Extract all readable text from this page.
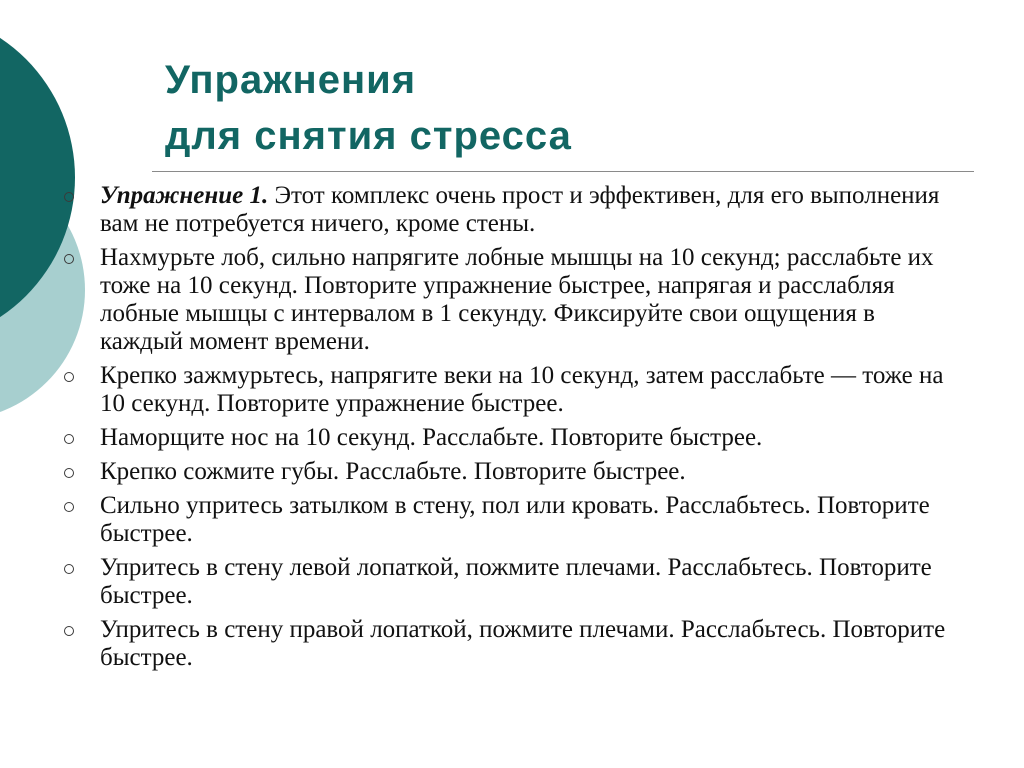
Упражнения
для снятия стресса
Упражнение 1. Этот комплекс очень прост и эффективен, для его выполнения вам не потребуется ничего, кроме стены.
Нахмурьте лоб, сильно напрягите лобные мышцы на 10 секунд; расслабьте их тоже на 10 секунд. Повторите упражнение быстрее, напрягая и расслабляя лобные мышцы с интервалом в 1 секунду. Фиксируйте свои ощущения в каждый момент времени.
Крепко зажмурьтесь, напрягите веки на 10 секунд, затем расслабьте — тоже на 10 секунд. Повторите упражнение быстрее.
Наморщите нос на 10 секунд. Расслабьте. Повторите быстрее.
Крепко сожмите губы. Расслабьте. Повторите быстрее.
Сильно упритесь затылком в стену, пол или кровать. Расслабьтесь. Повторите быстрее.
Упритесь в стену левой лопаткой, пожмите плечами. Расслабьтесь. Повторите быстрее.
Упритесь в стену правой лопаткой, пожмите плечами. Расслабьтесь. Повторите быстрее.
